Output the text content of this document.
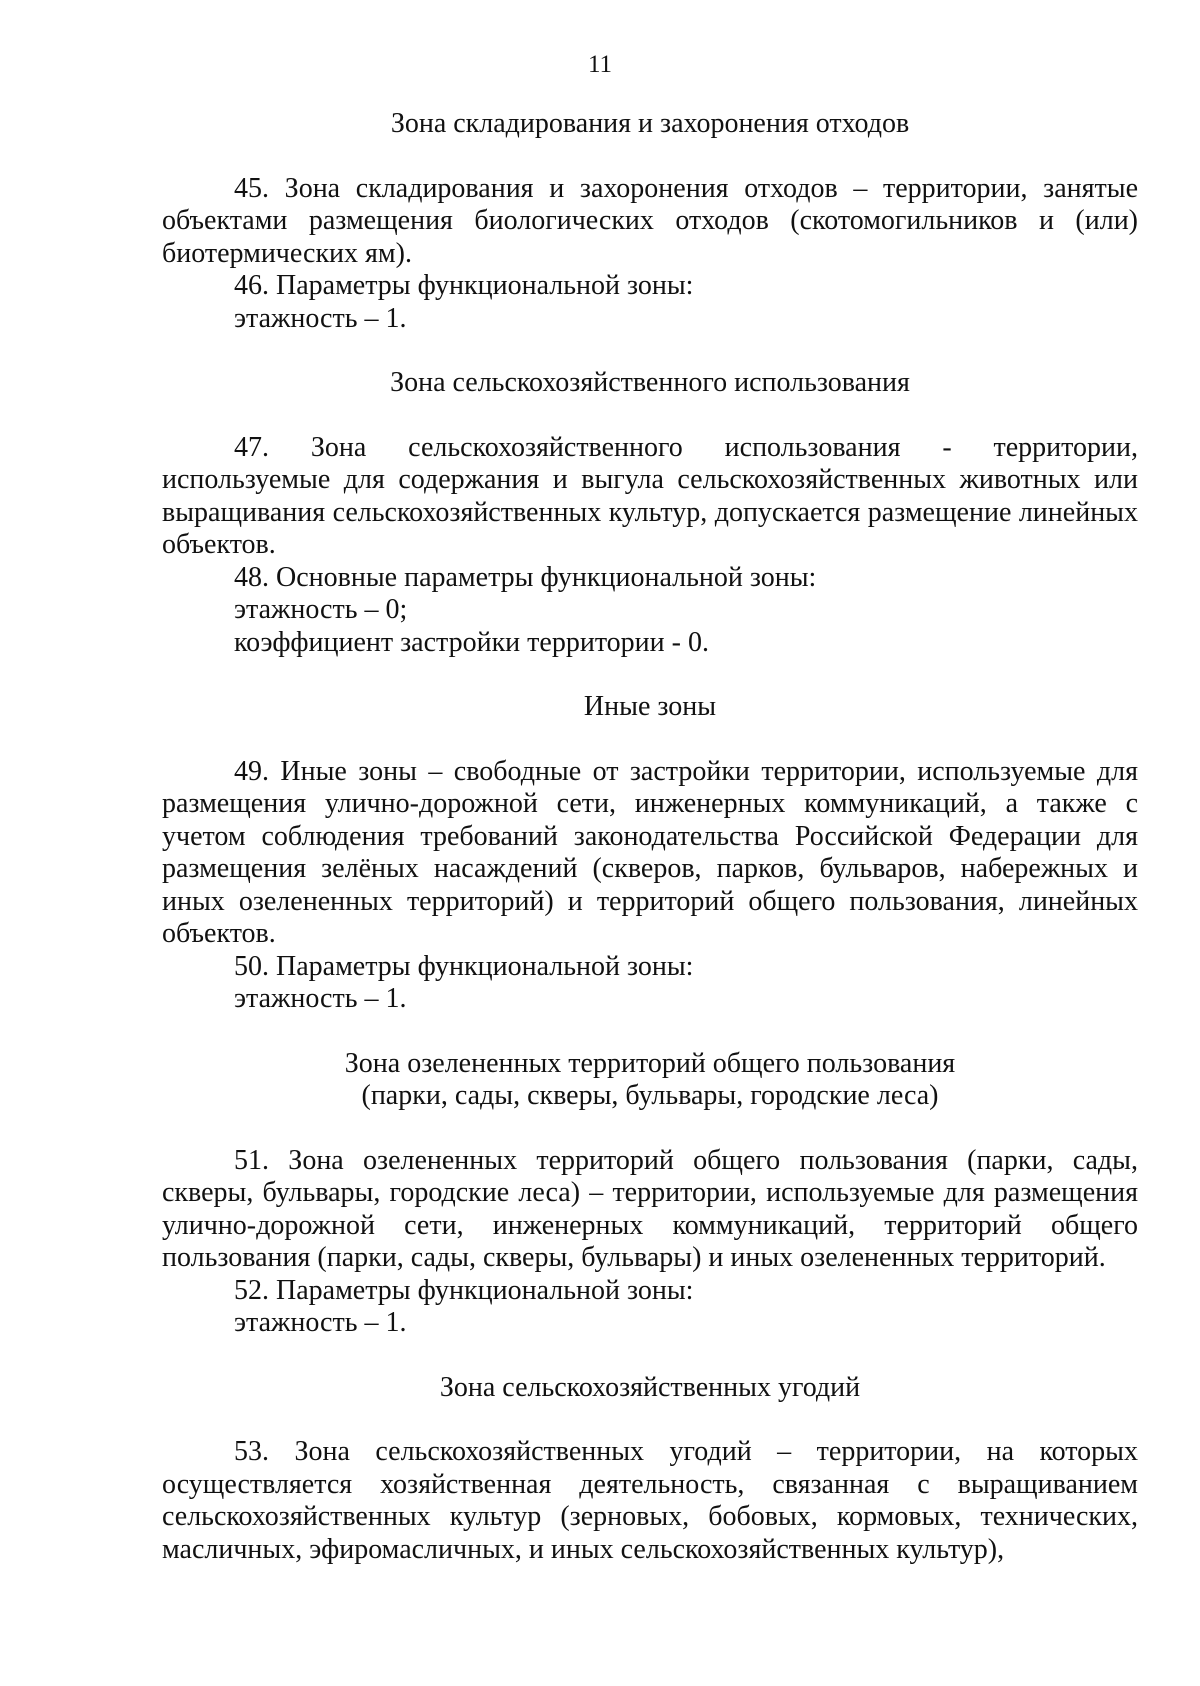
11

Зона складирования и захоронения отходов

45. Зона складирования и захоронения отходов – территории, занятые объектами размещения биологических отходов (скотомогильников и (или) биотермических ям).

46. Параметры функциональной зоны:

этажность – 1.

Зона сельскохозяйственного использования

47. Зона сельскохозяйственного использования - территории, используемые для содержания и выгула сельскохозяйственных животных или выращивания сельскохозяйственных культур, допускается размещение линейных объектов.

48. Основные параметры функциональной зоны:

этажность – 0;

коэффициент застройки территории - 0.

Иные зоны

49. Иные зоны – свободные от застройки территории, используемые для размещения улично-дорожной сети, инженерных коммуникаций, а также с учетом соблюдения требований законодательства Российской Федерации для размещения зелёных насаждений (скверов, парков, бульваров, набережных и иных озелененных территорий) и территорий общего пользования, линейных объектов.

50. Параметры функциональной зоны:

этажность – 1.

Зона озелененных территорий общего пользования
(парки, сады, скверы, бульвары, городские леса)

51. Зона озелененных территорий общего пользования (парки, сады, скверы, бульвары, городские леса) – территории, используемые для размещения улично-дорожной сети, инженерных коммуникаций, территорий общего пользования (парки, сады, скверы, бульвары) и иных озелененных территорий.

52. Параметры функциональной зоны:

этажность – 1.

Зона сельскохозяйственных угодий

53. Зона сельскохозяйственных угодий – территории, на которых осуществляется хозяйственная деятельность, связанная с выращиванием сельскохозяйственных культур (зерновых, бобовых, кормовых, технических, масличных, эфиромасличных, и иных сельскохозяйственных культур),
